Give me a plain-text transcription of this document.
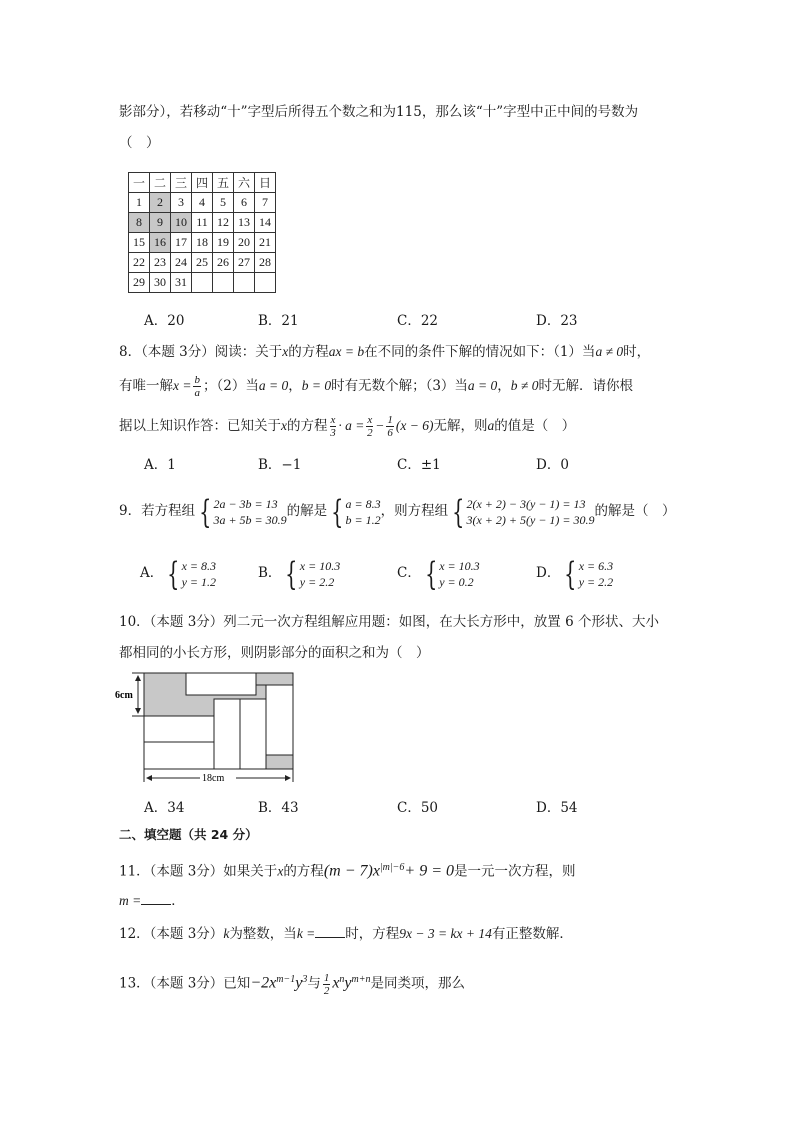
影部分），若移动“十”字型后所得五个数之和为115，那么该“十”字型中正中间的号数为
（　）
一	二	三	四	五	六	日
1	2	3	4	5	6	7
8	9	10	11	12	13	14
15	16	17	18	19	20	21
22	23	24	25	26	27	28
29	30	31				
A．20	B．21	C．22	D．23
8．（本题 3分）阅读：关于x的方程ax = b在不同的条件下解的情况如下：（1）当a ≠ 0时，
有唯一解$x = \frac{b}{a}$ ；（2）当a = 0，b = 0时有无数个解；（3）当a = 0，b ≠ 0时无解．请你根
据以上知识作答：已知关于x的方程 $\frac{x}{3} \cdot a = \frac{x}{2} - \frac{1}{6} (x - 6)$无解，则a的值是（　）
A．1	B．−1	C．±1	D．0
9．若方程组 { 2a − 3b = 13
3a + 5b = 30.9
的解是 { a = 8.3
b = 1.2
，则方程组 { 2(x + 2) − 3(y − 1) = 13
3(x + 2) + 5(y − 1) = 30.9
的解是（　）
A． { x = 8.3
y = 1.2
B． { x = 10.3
y = 2.2
C． { x = 10.3
y = 0.2
D． { x = 6.3
y = 2.2
10．（本题 3分）列二元一次方程组解应用题：如图，在大长方形中，放置 6 个形状、大小
都相同的小长方形，则阴影部分的面积之和为（　）
6cm
18cm
A．34	B．43	C．50	D．54
二、填空题（共 24 分）
11．（本题 3分）如果关于x的方程$(m - 7)x^{|m|-6}+ 9 = 0$是一元一次方程，则
m = ．
12．（本题 3分）k为整数，当k = 时，方程9x − 3 = kx + 14有正整数解．
13．（本题 3分）已知$-2x^{m-1}y^3$与 $\frac{1}{2} x^ny^{m+n}$是同类项，那么
